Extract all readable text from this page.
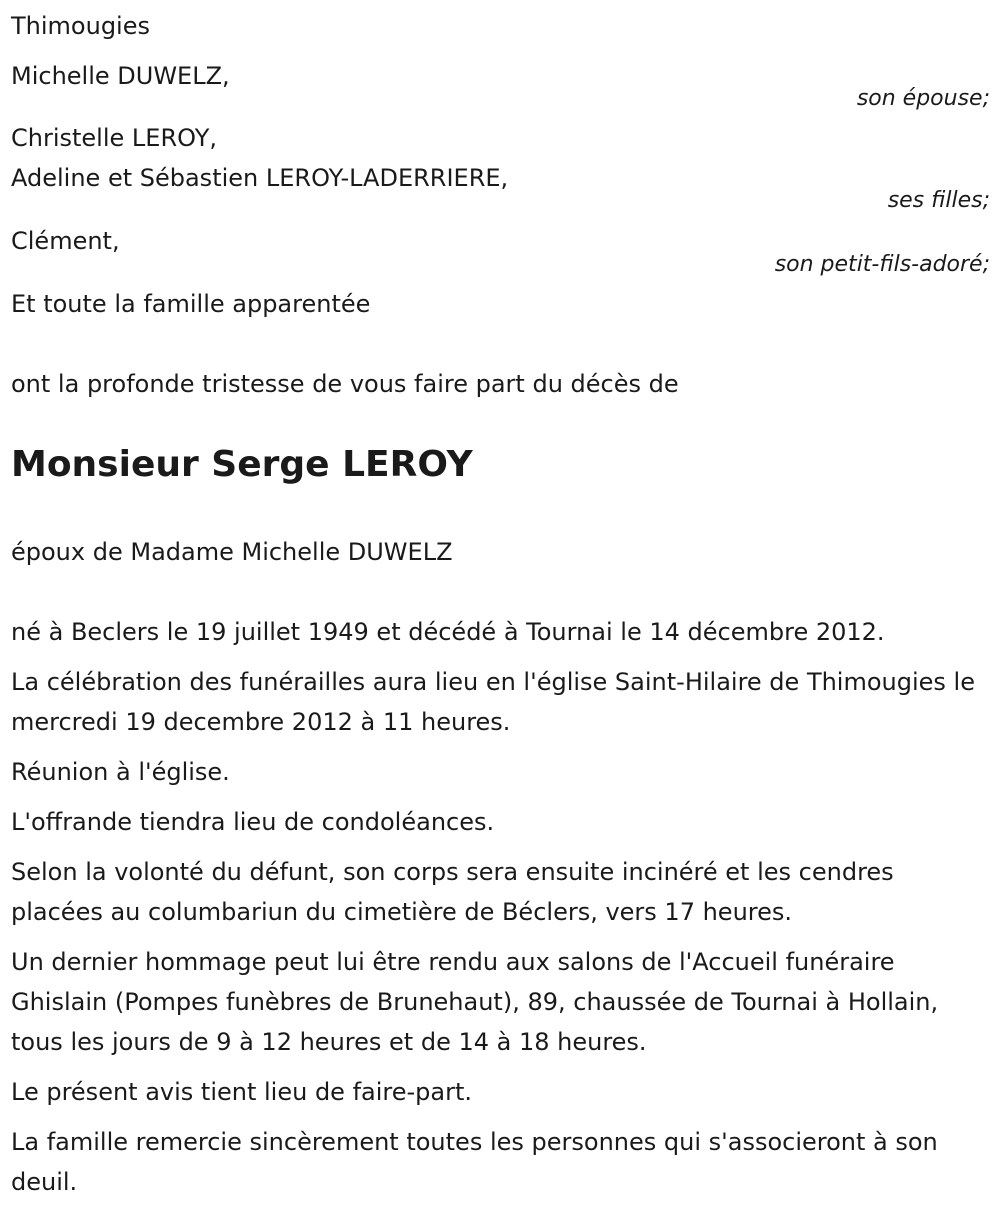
Thimougies
Michelle DUWELZ,
son épouse;
Christelle LEROY,
Adeline et Sébastien LEROY-LADERRIERE,
ses filles;
Clément,
son petit-fils-adoré;
Et toute la famille apparentée
ont la profonde tristesse de vous faire part du décès de
Monsieur Serge LEROY
époux de Madame Michelle DUWELZ
né à Beclers le 19 juillet 1949 et décédé à Tournai le 14 décembre 2012.

La célébration des funérailles aura lieu en l'église Saint-Hilaire de Thimougies le mercredi 19 decembre 2012 à 11 heures.

Réunion à l'église.

L'offrande tiendra lieu de condoléances.

Selon la volonté du défunt, son corps sera ensuite incinéré et les cendres placées au columbariun du cimetière de Béclers, vers 17 heures.

Un dernier hommage peut lui être rendu aux salons de l'Accueil funéraire Ghislain (Pompes funèbres de Brunehaut), 89, chaussée de Tournai à Hollain, tous les jours de 9 à 12 heures et de 14 à 18 heures.

Le présent avis tient lieu de faire-part.

La famille remercie sincèrement toutes les personnes qui s'associeront à son deuil.
